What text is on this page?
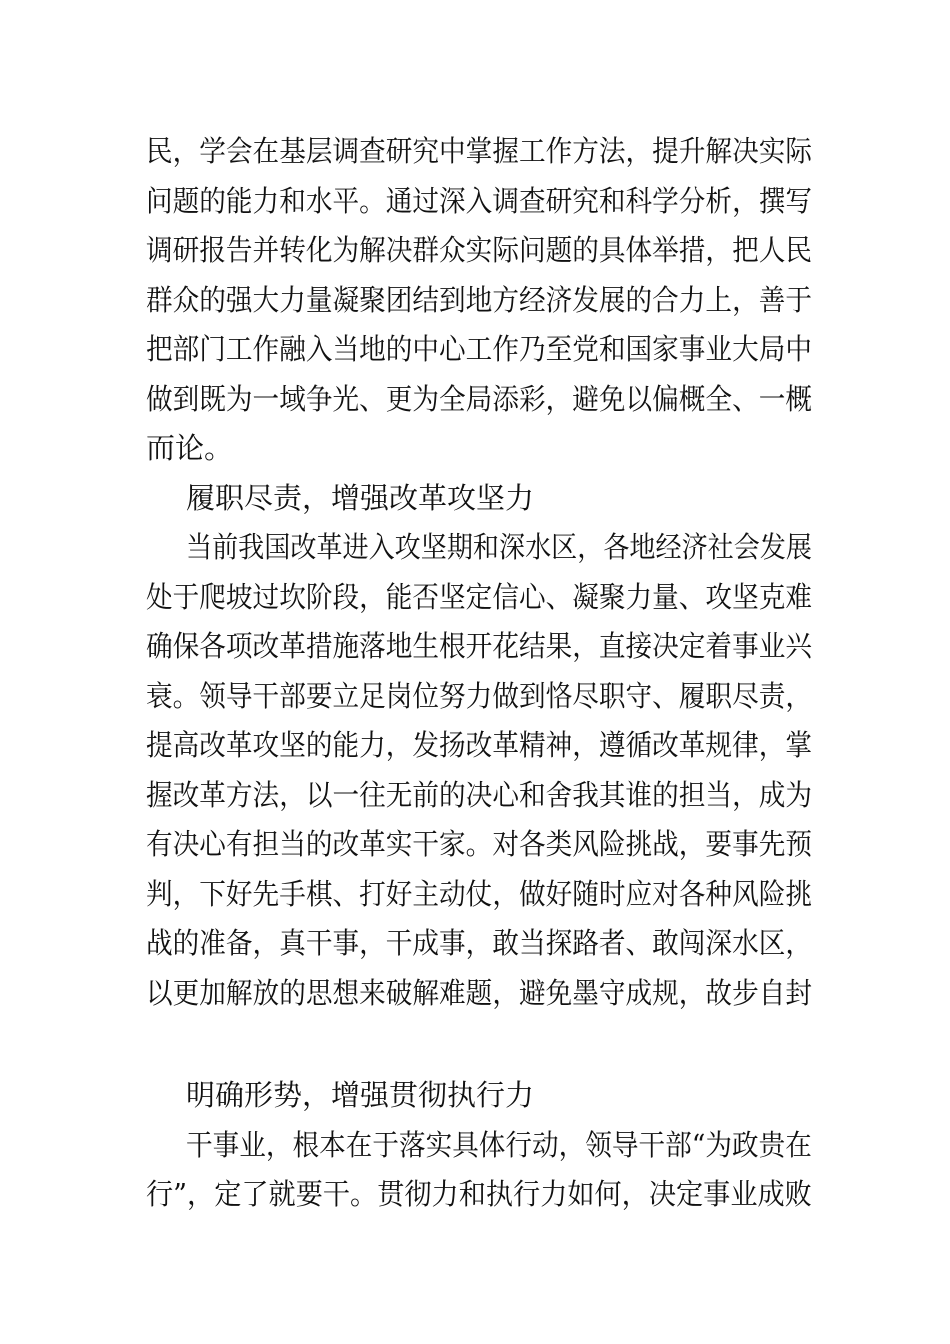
民，学会在基层调查研究中掌握工作方法，提升解决实际
问题的能力和水平。通过深入调查研究和科学分析，撰写
调研报告并转化为解决群众实际问题的具体举措，把人民
群众的强大力量凝聚团结到地方经济发展的合力上，善于
把部门工作融入当地的中心工作乃至党和国家事业大局中
做到既为一域争光、更为全局添彩，避免以偏概全、一概
而论。
履职尽责，增强改革攻坚力
当前我国改革进入攻坚期和深水区，各地经济社会发展
处于爬坡过坎阶段，能否坚定信心、凝聚力量、攻坚克难
确保各项改革措施落地生根开花结果，直接决定着事业兴
衰。领导干部要立足岗位努力做到恪尽职守、履职尽责，
提高改革攻坚的能力，发扬改革精神，遵循改革规律，掌
握改革方法，以一往无前的决心和舍我其谁的担当，成为
有决心有担当的改革实干家。对各类风险挑战，要事先预
判，下好先手棋、打好主动仗，做好随时应对各种风险挑
战的准备，真干事，干成事，敢当探路者、敢闯深水区，
以更加解放的思想来破解难题，避免墨守成规，故步自封
明确形势，增强贯彻执行力
干事业，根本在于落实具体行动，领导干部“为政贵在
行”，定了就要干。贯彻力和执行力如何，决定事业成败
